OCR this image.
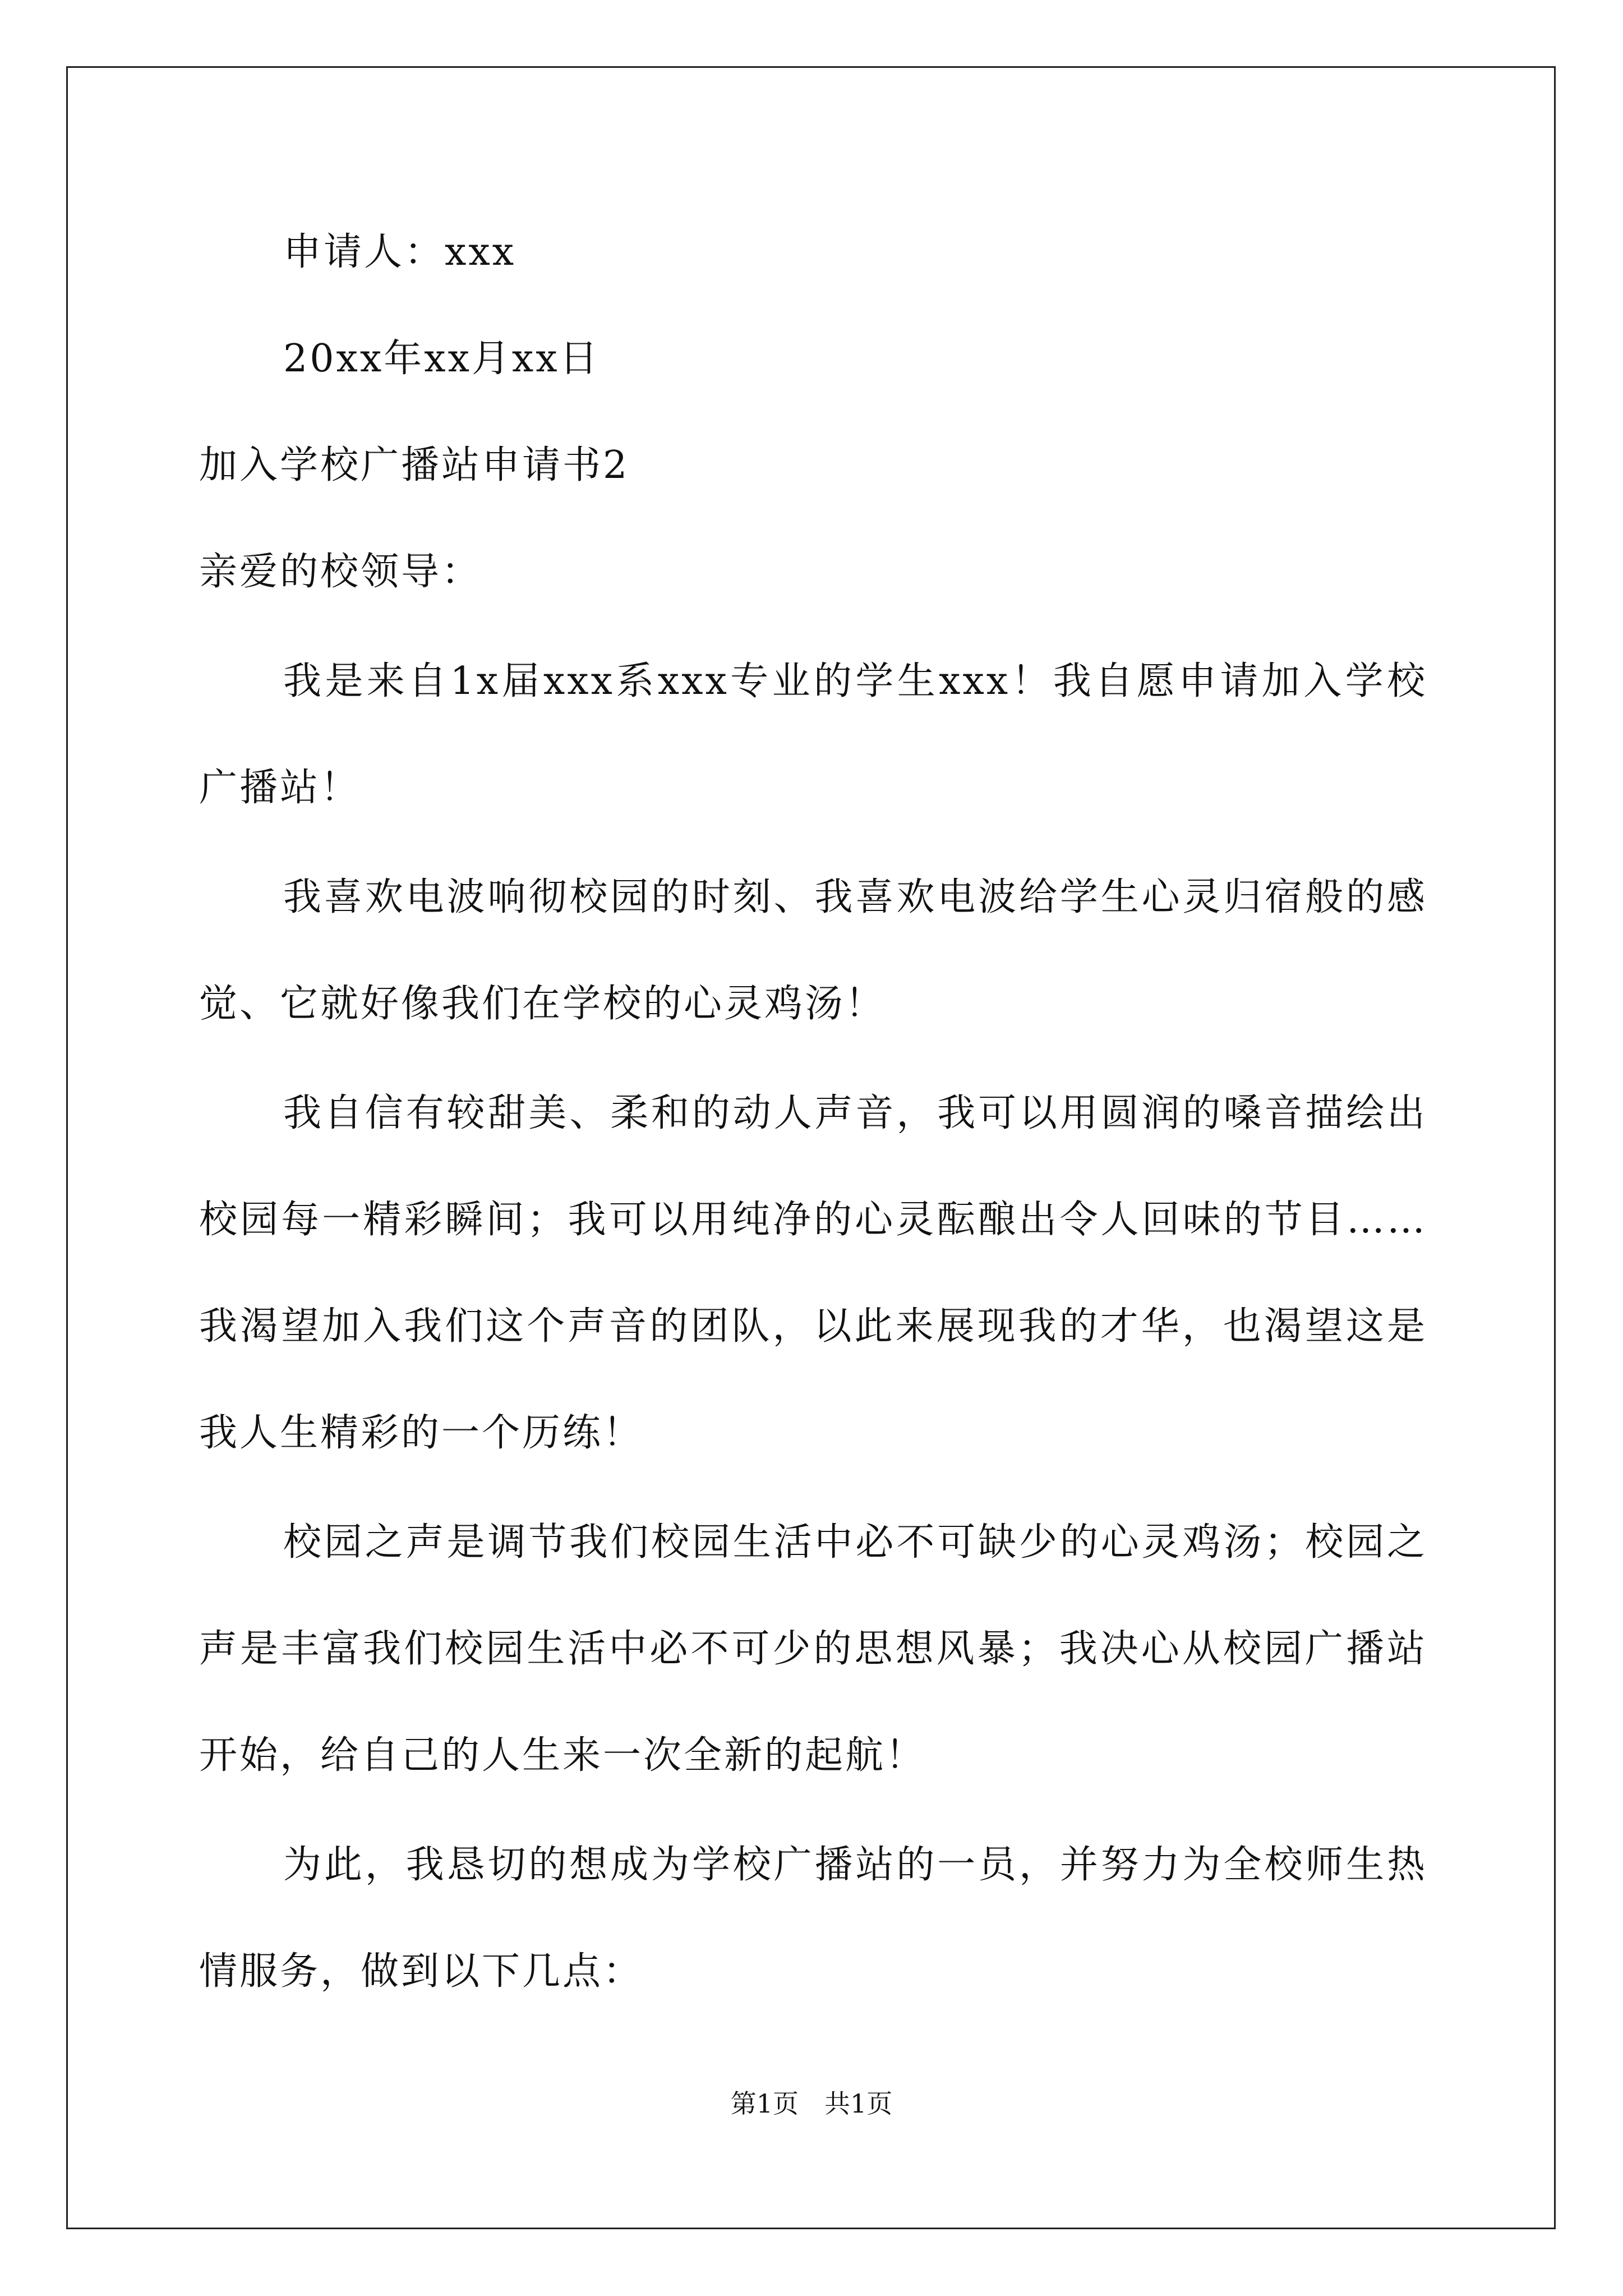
申请人：xxx
20xx年xx月xx日
加入学校广播站申请书2
亲爱的校领导：
我是来自1x届xxx系xxx专业的学生xxx！我自愿申请加入学校
广播站！
我喜欢电波响彻校园的时刻、我喜欢电波给学生心灵归宿般的感
觉、它就好像我们在学校的心灵鸡汤！
我自信有较甜美、柔和的动人声音，我可以用圆润的嗓音描绘出
校园每一精彩瞬间；我可以用纯净的心灵酝酿出令人回味的节目……
我渴望加入我们这个声音的团队，以此来展现我的才华，也渴望这是
我人生精彩的一个历练！
校园之声是调节我们校园生活中必不可缺少的心灵鸡汤；校园之
声是丰富我们校园生活中必不可少的思想风暴；我决心从校园广播站
开始，给自己的人生来一次全新的起航！
为此，我恳切的想成为学校广播站的一员，并努力为全校师生热
情服务，做到以下几点：
第1页　共1页
